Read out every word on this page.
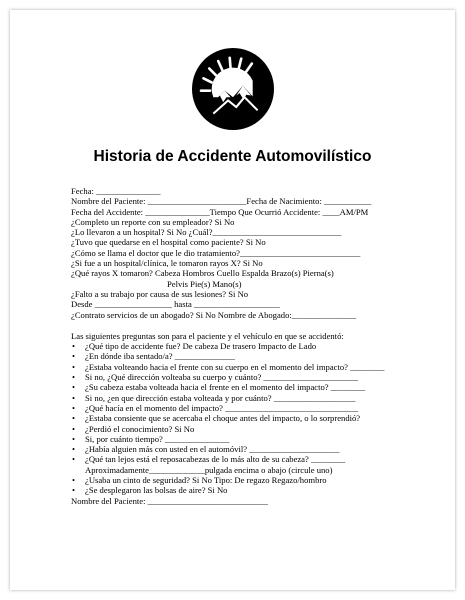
Historia de Accidente Automovilístico
Fecha: _______________
Nombre del Paciente: _______________________Fecha de Nacimiento: ___________
Fecha del Accidente: _______________Tiempo Que Ocurrió Accidente: ____AM/PM
¿Completo un reporte con su empleador? Si No
¿Lo llevaron a un hospital? Si No ¿Cuál?______________________________
¿Tuvo que quedarse en el hospital como paciente? Si No
¿Cómo se llama el doctor que le dio tratamiento?____________________________
¿Si fue a un hospital/clínica, le tomaron rayos X? Si No
¿Qué rayos X tomaron? Cabeza Hombros Cuello Espalda Brazo(s) Pierna(s)
Pelvis Pie(s) Mano(s)
¿Falto a su trabajo por causa de sus lesiones? Si No
Desde __________________ hasta ____________________
¿Contrato servicios de un abogado? Si No Nombre de Abogado:_______________
Las siguientes preguntas son para el paciente y el vehículo en que se accidentó:
• ¿Qué tipo de accidente fue? De cabeza De trasero Impacto de Lado
• ¿En dónde iba sentado/a? ______________
• ¿Estaba volteando hacia el frente con su cuerpo en el momento del impacto? ________
• Si no, ¿Qué dirección volteaba su cuerpo y cuánto? ______________________
• ¿Su cabeza estaba volteada hacia el frente en el momento del impacto? ________
• Si no, ¿en que dirección estaba volteada y por cuánto? ___________________
• ¿Qué hacía en el momento del impacto? _______________________________
• ¿Estaba consiente que se acercaba el choque antes del impacto, o lo sorprendió?
• ¿Perdió el conocimiento? Si No
• Si, por cuánto tiempo? _______________
• ¿Había alguien más con usted en el automóvil? _____________________
• ¿Qué tan lejos está el reposacabezas de lo más alto de su cabeza? ________
Aproximadamente_____________pulgada encima o abajo (circule uno)
• ¿Usaba un cinto de seguridad? Si No Tipo: De regazo Regazo/hombro
• ¿Se desplegaron las bolsas de aire? Si No
Nombre del Paciente: ____________________________
